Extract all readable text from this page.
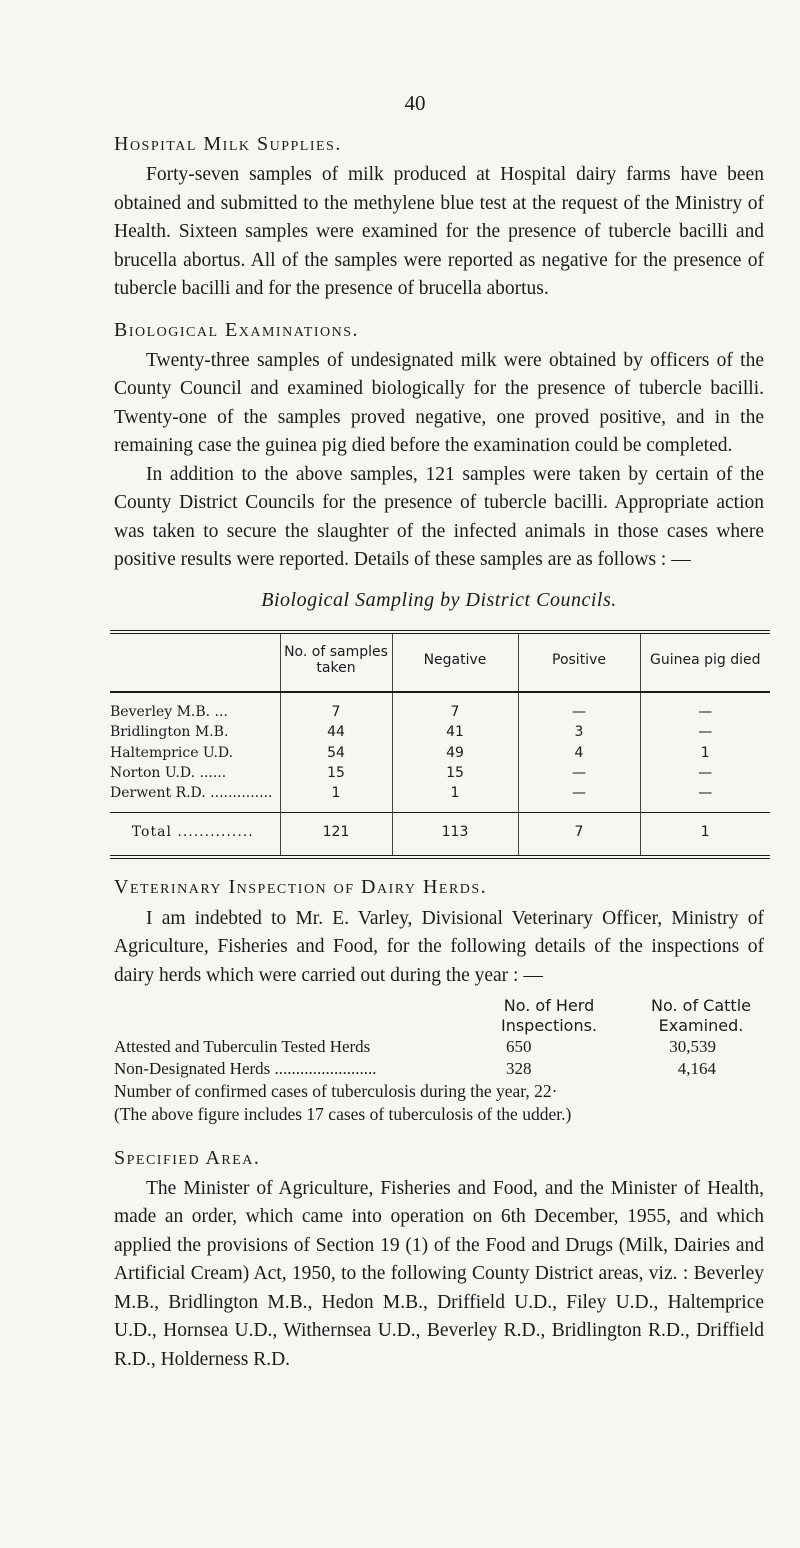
40
Hospital Milk Supplies.

Forty-seven samples of milk produced at Hospital dairy farms have been obtained and submitted to the methylene blue test at the request of the Ministry of Health. Sixteen samples were examined for the presence of tubercle bacilli and brucella abortus. All of the samples were reported as negative for the presence of tubercle bacilli and for the presence of brucella abortus.

Biological Examinations.

Twenty-three samples of undesignated milk were obtained by officers of the County Council and examined biologically for the presence of tubercle bacilli. Twenty-one of the samples proved negative, one proved positive, and in the remaining case the guinea pig died before the examination could be completed.

In addition to the above samples, 121 samples were taken by certain of the County District Councils for the presence of tubercle bacilli. Appropriate action was taken to secure the slaughter of the infected animals in those cases where positive results were reported. Details of these samples are as follows : —

Biological Sampling by District Councils.
	No. of samples taken	Negative	Positive	Guinea pig died
Beverley M.B. ...	7	7	—	—
Bridlington M.B.	44	41	3	—
Haltemprice U.D.	54	49	4	1
Norton U.D. ......	15	15	—	—
Derwent R.D. ..............	1	1	—	—
Total ..............	121	113	7	1
Veterinary Inspection of Dairy Herds.

I am indebted to Mr. E. Varley, Divisional Veterinary Officer, Ministry of Agriculture, Fisheries and Food, for the following details of the inspections of dairy herds which were carried out during the year : —

No. of Herd Inspections.
No. of Cattle Examined.
Attested and Tuberculin Tested Herds	650	30,539
Non-Designated Herds ........................	328	4,164
Number of confirmed cases of tuberculosis during the year, 22·
(The above figure includes 17 cases of tuberculosis of the udder.)
Specified Area.

The Minister of Agriculture, Fisheries and Food, and the Minister of Health, made an order, which came into operation on 6th December, 1955, and which applied the provisions of Section 19 (1) of the Food and Drugs (Milk, Dairies and Artificial Cream) Act, 1950, to the following County District areas, viz. : Beverley M.B., Bridlington M.B., Hedon M.B., Driffield U.D., Filey U.D., Haltemprice U.D., Hornsea U.D., Withernsea U.D., Beverley R.D., Bridlington R.D., Driffield R.D., Holderness R.D.
